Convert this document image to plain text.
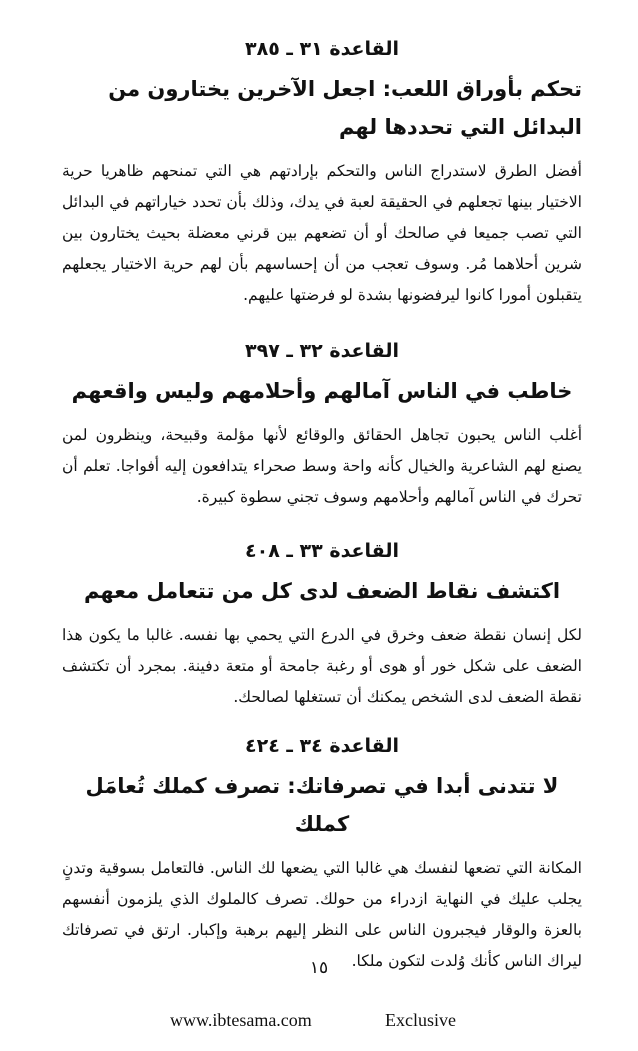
القاعدة ٣١ ـ ٣٨٥
تحكم بأوراق اللعب: اجعل الآخرين يختارون من البدائل التي تحددها لهم
أفضل الطرق لاستدراج الناس والتحكم بإرادتهم هي التي تمنحهم ظاهريا حرية الاختيار بينها تجعلهم في الحقيقة لعبة في يدك، وذلك بأن تحدد خياراتهم في البدائل التي تصب جميعا في صالحك أو أن تضعهم بين قرني معضلة بحيث يختارون بين شرين أحلاهما مُر. وسوف تعجب من أن إحساسهم بأن لهم حرية الاختيار يجعلهم يتقبلون أمورا كانوا ليرفضونها بشدة لو فرضتها عليهم.
القاعدة ٣٢ ـ ٣٩٧
خاطب في الناس آمالهم وأحلامهم وليس واقعهم
أغلب الناس يحبون تجاهل الحقائق والوقائع لأنها مؤلمة وقبيحة، وينظرون لمن يصنع لهم الشاعرية والخيال كأنه واحة وسط صحراء يتدافعون إليه أفواجا. تعلم أن تحرك في الناس آمالهم وأحلامهم وسوف تجني سطوة كبيرة.
القاعدة ٣٣ ـ ٤٠٨
اكتشف نقاط الضعف لدى كل من تتعامل معهم
لكل إنسان نقطة ضعف وخرق في الدرع التي يحمي بها نفسه. غالبا ما يكون هذا الضعف على شكل خور أو هوى أو رغبة جامحة أو متعة دفينة. بمجرد أن تكتشف نقطة الضعف لدى الشخص يمكنك أن تستغلها لصالحك.
القاعدة ٣٤ ـ ٤٢٤
لا تتدنى أبدا في تصرفاتك: تصرف كملك تُعامَل كملك
المكانة التي تضعها لنفسك هي غالبا التي يضعها لك الناس. فالتعامل بسوقية وتدنٍ يجلب عليك في النهاية ازدراء من حولك. تصرف كالملوك الذي يلزمون أنفسهم بالعزة والوقار فيجبرون الناس على النظر إليهم برهبة وإكبار. ارتق في تصرفاتك ليراك الناس كأنك وُلدت لتكون ملكا.
١٥
www.ibtesama.com	Exclusive
